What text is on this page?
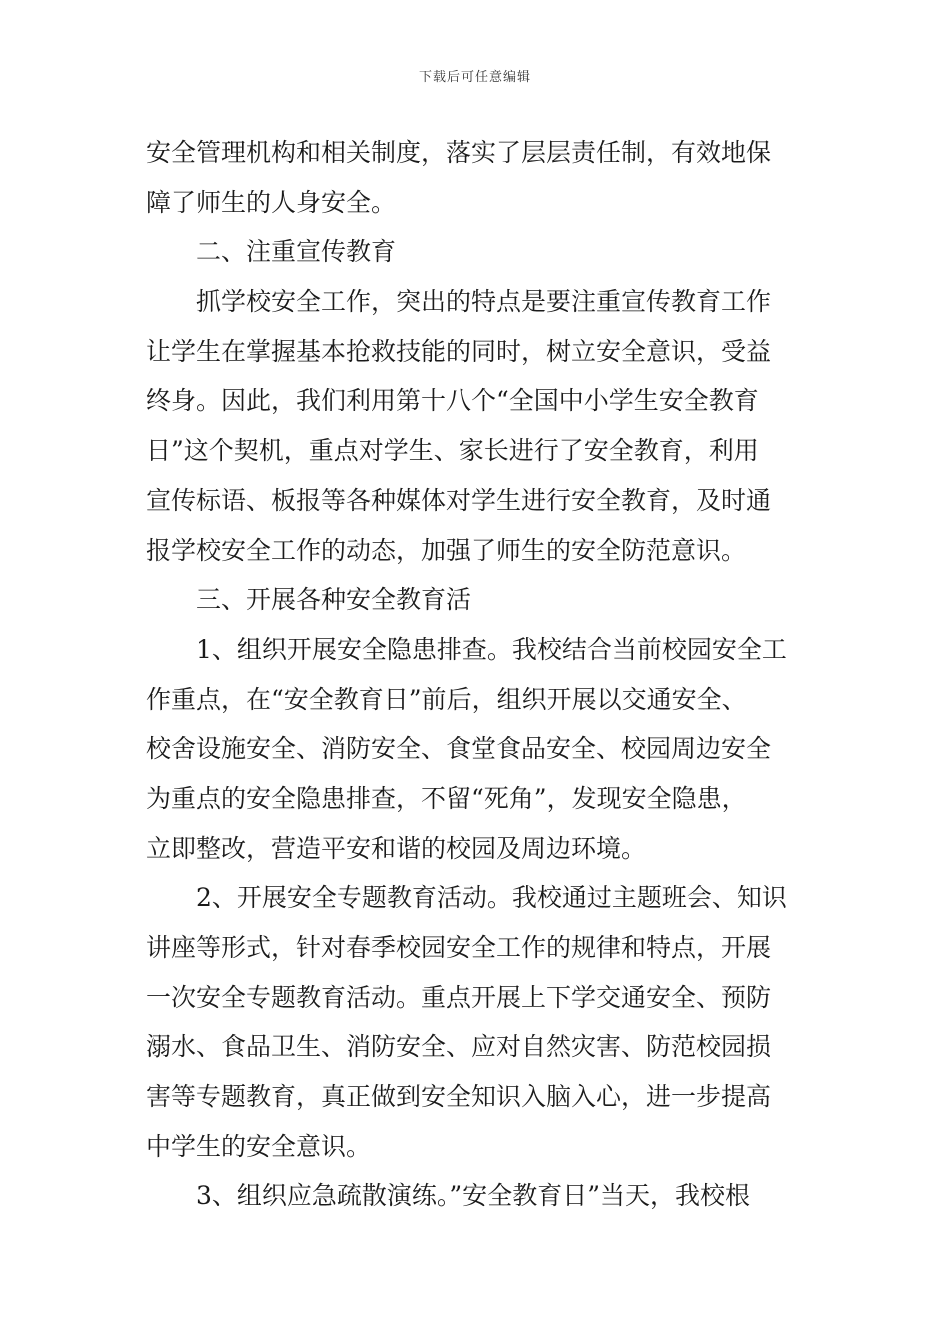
下载后可任意编辑
安全管理机构和相关制度，落实了层层责任制，有效地保
障了师生的人身安全。
二、注重宣传教育
抓学校安全工作，突出的特点是要注重宣传教育工作
让学生在掌握基本抢救技能的同时，树立安全意识，受益
终身。因此，我们利用第十八个“全国中小学生安全教育
日”这个契机，重点对学生、家长进行了安全教育，利用
宣传标语、板报等各种媒体对学生进行安全教育，及时通
报学校安全工作的动态，加强了师生的安全防范意识。
三、开展各种安全教育活
1、组织开展安全隐患排查。我校结合当前校园安全工
作重点，在“安全教育日”前后，组织开展以交通安全、
校舍设施安全、消防安全、食堂食品安全、校园周边安全
为重点的安全隐患排查，不留“死角”，发现安全隐患，
立即整改，营造平安和谐的校园及周边环境。
2、开展安全专题教育活动。我校通过主题班会、知识
讲座等形式，针对春季校园安全工作的规律和特点，开展
一次安全专题教育活动。重点开展上下学交通安全、预防
溺水、食品卫生、消防安全、应对自然灾害、防范校园损
害等专题教育，真正做到安全知识入脑入心，进一步提高
中学生的安全意识。
3、组织应急疏散演练。”安全教育日”当天，我校根
